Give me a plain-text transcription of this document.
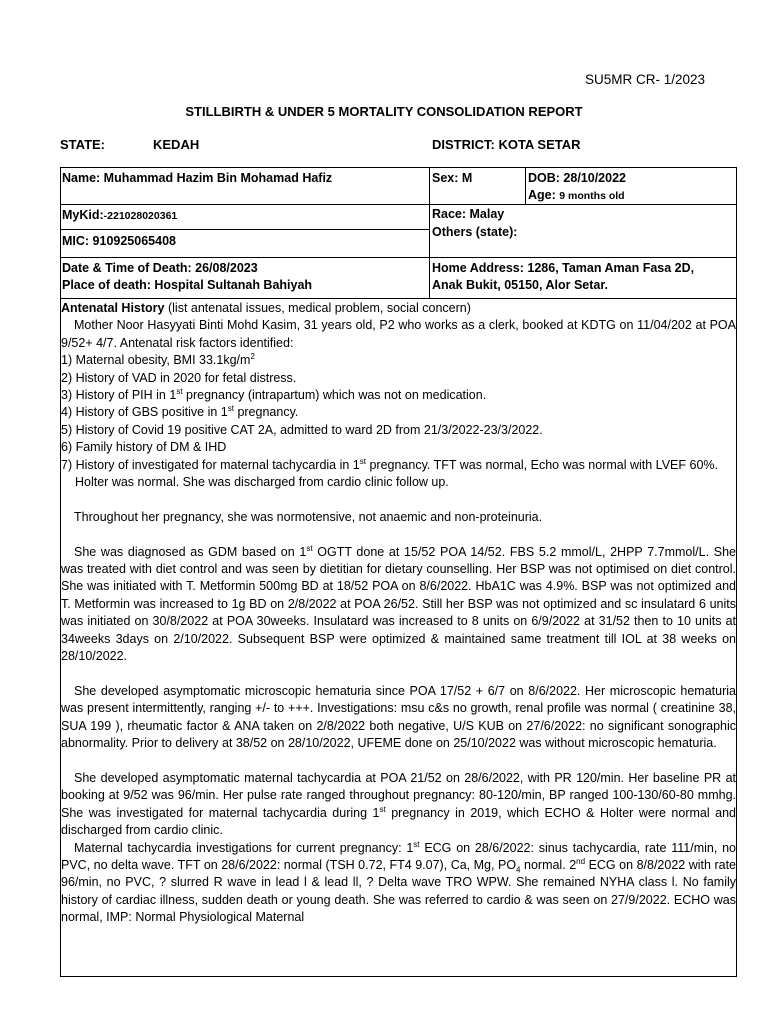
SU5MR CR- 1/2023
STILLBIRTH & UNDER 5 MORTALITY CONSOLIDATION REPORT
STATE:	KEDAH	DISTRICT: KOTA SETAR
Name: Muhammad Hazim Bin Mohamad Hafiz	Sex: M	DOB: 28/10/2022
Age: 9 months old
MyKid:-221028020361	Race: Malay
Others (state):
MIC: 910925065408
Date & Time of Death: 26/08/2023
Place of death: Hospital Sultanah Bahiyah
Home Address: 1286, Taman Aman Fasa 2D,
Anak Bukit, 05150, Alor Setar.

Antenatal History (list antenatal issues, medical problem, social concern)

Mother Noor Hasyyati Binti Mohd Kasim, 31 years old, P2 who works as a clerk, booked at KDTG on 11/04/202 at POA 9/52+ 4/7. Antenatal risk factors identified:

1) Maternal obesity, BMI $33.1kg/m^2$

2) History of VAD in 2020 for fetal distress.

3) History of PIH in 1st pregnancy (intrapartum) which was not on medication.

4) History of GBS positive in 1st pregnancy.

5) History of Covid 19 positive CAT 2A, admitted to ward 2D from 21/3/2022-23/3/2022.

6) Family history of DM & IHD

7) History of investigated for maternal tachycardia in 1st pregnancy. TFT was normal, Echo was normal with LVEF 60%. Holter was normal. She was discharged from cardio clinic follow up.

Throughout her pregnancy, she was normotensive, not anaemic and non-proteinuria.

She was diagnosed as GDM based on 1st OGTT done at 15/52 POA 14/52. FBS 5.2 mmol/L, 2HPP 7.7mmol/L. She was treated with diet control and was seen by dietitian for dietary counselling. Her BSP was not optimised on diet control. She was initiated with T. Metformin 500mg BD at 18/52 POA on 8/6/2022. HbA1C was 4.9%. BSP was not optimized and T. Metformin was increased to 1g BD on 2/8/2022 at POA 26/52. Still her BSP was not optimized and sc insulatard 6 units was initiated on 30/8/2022 at POA 30weeks. Insulatard was increased to 8 units on 6/9/2022 at 31/52 then to 10 units at 34weeks 3days on 2/10/2022. Subsequent BSP were optimized & maintained same treatment till IOL at 38 weeks on 28/10/2022.

She developed asymptomatic microscopic hematuria since POA 17/52 + 6/7 on 8/6/2022. Her microscopic hematuria was present intermittently, ranging +/- to +++. Investigations: msu c&s no growth, renal profile was normal ( creatinine 38, SUA 199 ), rheumatic factor & ANA taken on 2/8/2022 both negative, U/S KUB on 27/6/2022: no significant sonographic abnormality. Prior to delivery at 38/52 on 28/10/2022, UFEME done on 25/10/2022 was without microscopic hematuria.

She developed asymptomatic maternal tachycardia at POA 21/52 on 28/6/2022, with PR 120/min. Her baseline PR at booking at 9/52 was 96/min. Her pulse rate ranged throughout pregnancy: 80-120/min, BP ranged 100-130/60-80 mmhg. She was investigated for maternal tachycardia during 1st pregnancy in 2019, which ECHO & Holter were normal and discharged from cardio clinic.

Maternal tachycardia investigations for current pregnancy: 1st ECG on 28/6/2022: sinus tachycardia, rate 111/min, no PVC, no delta wave. TFT on 28/6/2022: normal (TSH 0.72, FT4 9.07), Ca, Mg, $PO_4$ normal. 2nd ECG on 8/8/2022 with rate 96/min, no PVC, ? slurred R wave in lead l & lead ll, ? Delta wave TRO WPW. She remained NYHA class l. No family history of cardiac illness, sudden death or young death. She was referred to cardio & was seen on 27/9/2022. ECHO was normal, IMP: Normal Physiological Maternal
